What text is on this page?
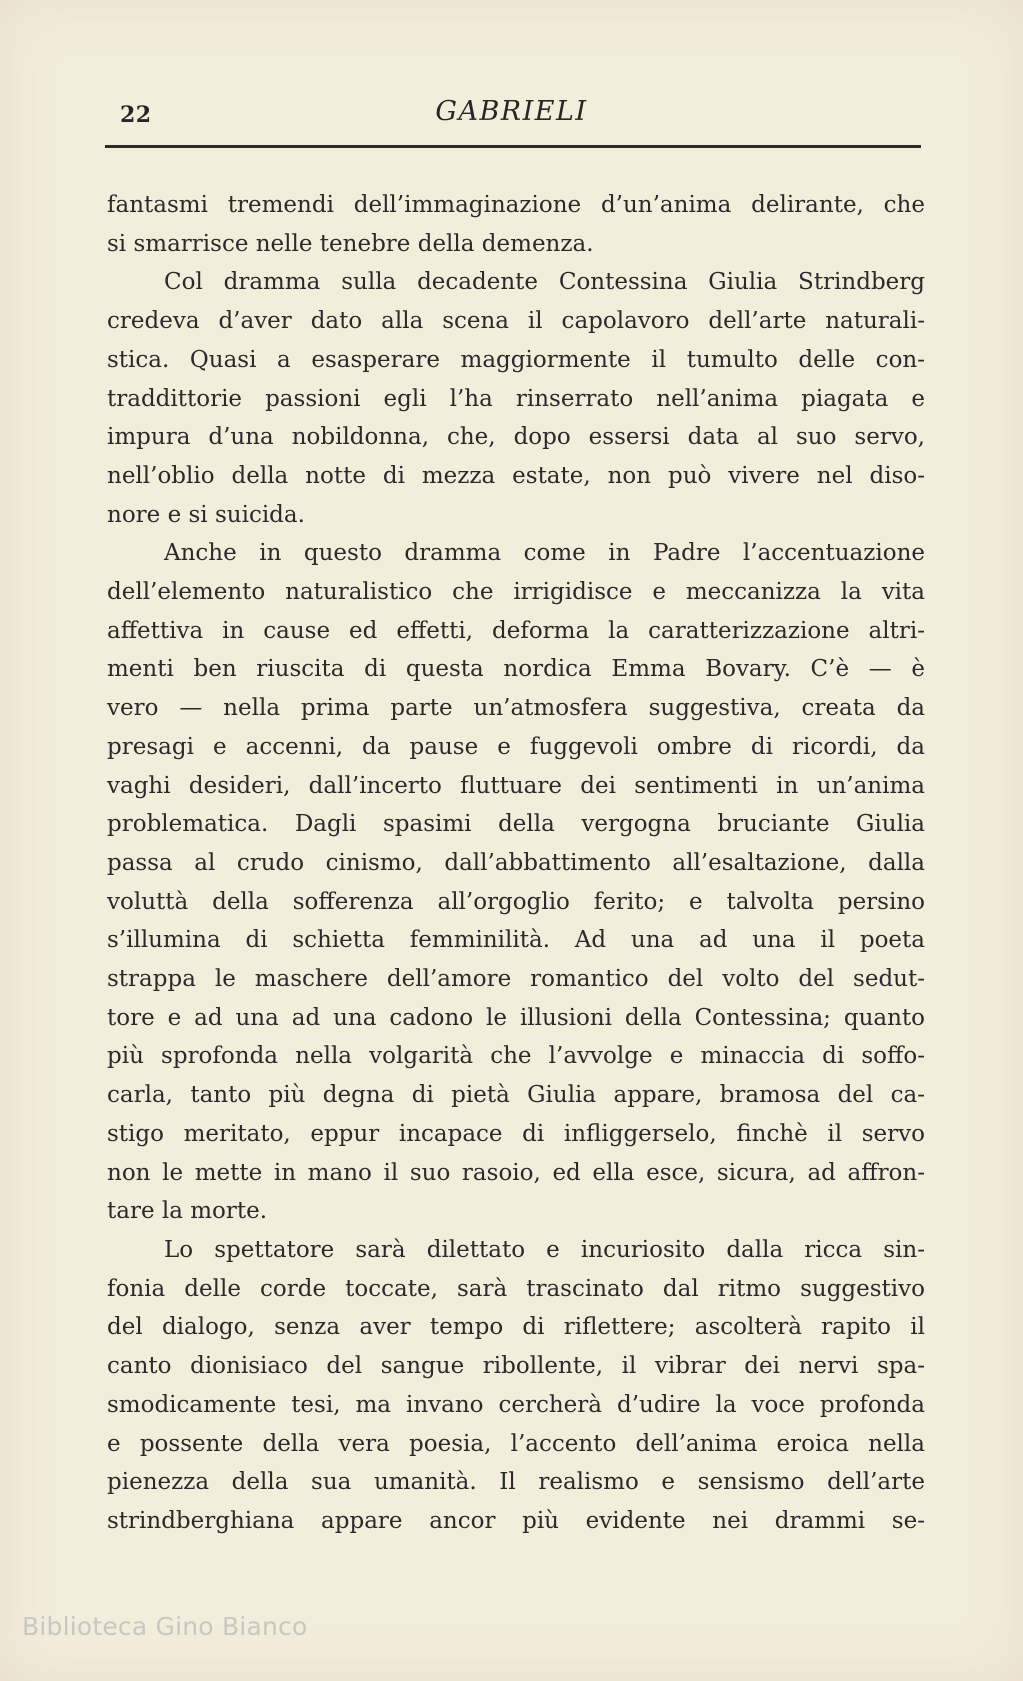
22	GABRIELI
fantasmi tremendi dell’immaginazione d’un’anima delirante, che
si smarrisce nelle tenebre della demenza.
Col dramma sulla decadente Contessina Giulia Strindberg
credeva d’aver dato alla scena il capolavoro dell’arte naturali-
stica. Quasi a esasperare maggiormente il tumulto delle con-
traddittorie passioni egli l’ha rinserrato nell’anima piagata e
impura d’una nobildonna, che, dopo essersi data al suo servo,
nell’oblio della notte di mezza estate, non può vivere nel diso-
nore e si suicida.
Anche in questo dramma come in Padre l’accentuazione
dell’elemento naturalistico che irrigidisce e meccanizza la vita
affettiva in cause ed effetti, deforma la caratterizzazione altri-
menti ben riuscita di questa nordica Emma Bovary. C’è — è
vero — nella prima parte un’atmosfera suggestiva, creata da
presagi e accenni, da pause e fuggevoli ombre di ricordi, da
vaghi desideri, dall’incerto fluttuare dei sentimenti in un’anima
problematica. Dagli spasimi della vergogna bruciante Giulia
passa al crudo cinismo, dall’abbattimento all’esaltazione, dalla
voluttà della sofferenza all’orgoglio ferito; e talvolta persino
s’illumina di schietta femminilità. Ad una ad una il poeta
strappa le maschere dell’amore romantico del volto del sedut-
tore e ad una ad una cadono le illusioni della Contessina; quanto
più sprofonda nella volgarità che l’avvolge e minaccia di soffo-
carla, tanto più degna di pietà Giulia appare, bramosa del ca-
stigo meritato, eppur incapace di infliggerselo, finchè il servo
non le mette in mano il suo rasoio, ed ella esce, sicura, ad affron-
tare la morte.
Lo spettatore sarà dilettato e incuriosito dalla ricca sin-
fonia delle corde toccate, sarà trascinato dal ritmo suggestivo
del dialogo, senza aver tempo di riflettere; ascolterà rapito il
canto dionisiaco del sangue ribollente, il vibrar dei nervi spa-
smodicamente tesi, ma invano cercherà d’udire la voce profonda
e possente della vera poesia, l’accento dell’anima eroica nella
pienezza della sua umanità. Il realismo e sensismo dell’arte
strindberghiana appare ancor più evidente nei drammi se-
Biblioteca Gino Bianco
